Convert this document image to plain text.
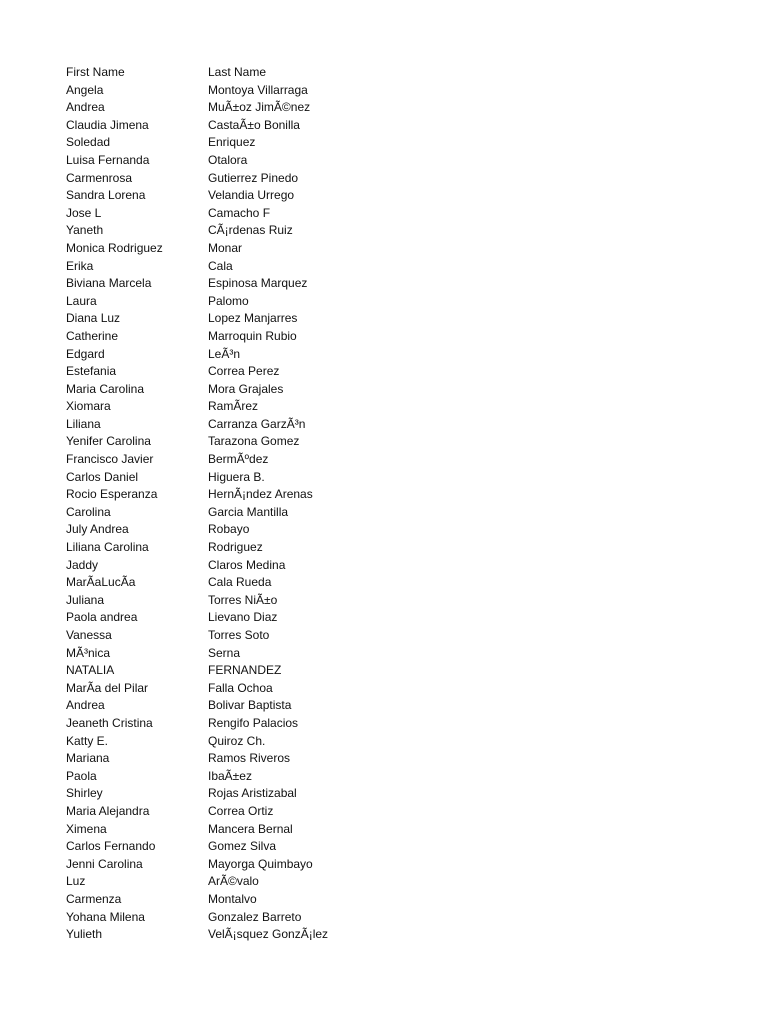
First Name	Last Name
Angela	Montoya Villarraga
Andrea	MuÃ±oz JimÃ©nez
Claudia Jimena	CastaÃ±o Bonilla
Soledad	Enriquez
Luisa Fernanda	Otalora
Carmenrosa	Gutierrez Pinedo
Sandra Lorena	Velandia Urrego
Jose L	Camacho F
Yaneth	CÃ¡rdenas Ruiz
Monica Rodriguez	Monar
Erika	Cala
Biviana Marcela	Espinosa Marquez
Laura	Palomo
Diana Luz	Lopez Manjarres
Catherine	Marroquin Rubio
Edgard	LeÃ³n
Estefania	Correa Perez
Maria Carolina	Mora Grajales
Xiomara	RamÃrez
Liliana	Carranza GarzÃ³n
Yenifer Carolina	Tarazona Gomez
Francisco Javier	BermÃºdez
Carlos Daniel	Higuera B.
Rocio Esperanza	HernÃ¡ndez Arenas
Carolina	Garcia Mantilla
July Andrea	Robayo
Liliana Carolina	Rodriguez
Jaddy	Claros Medina
MarÃaLucÃa	Cala Rueda
Juliana	Torres NiÃ±o
Paola andrea	Lievano Diaz
Vanessa	Torres Soto
MÃ³nica	Serna
NATALIA	FERNANDEZ
MarÃa del Pilar	Falla Ochoa
Andrea	Bolivar Baptista
Jeaneth Cristina	Rengifo Palacios
Katty E.	Quiroz Ch.
Mariana	Ramos Riveros
Paola	IbaÃ±ez
Shirley	Rojas Aristizabal
Maria Alejandra	Correa Ortiz
Ximena	Mancera Bernal
Carlos Fernando	Gomez Silva
Jenni Carolina	Mayorga Quimbayo
Luz	ArÃ©valo
Carmenza	Montalvo
Yohana Milena	Gonzalez Barreto
Yulieth	VelÃ¡squez GonzÃ¡lez
